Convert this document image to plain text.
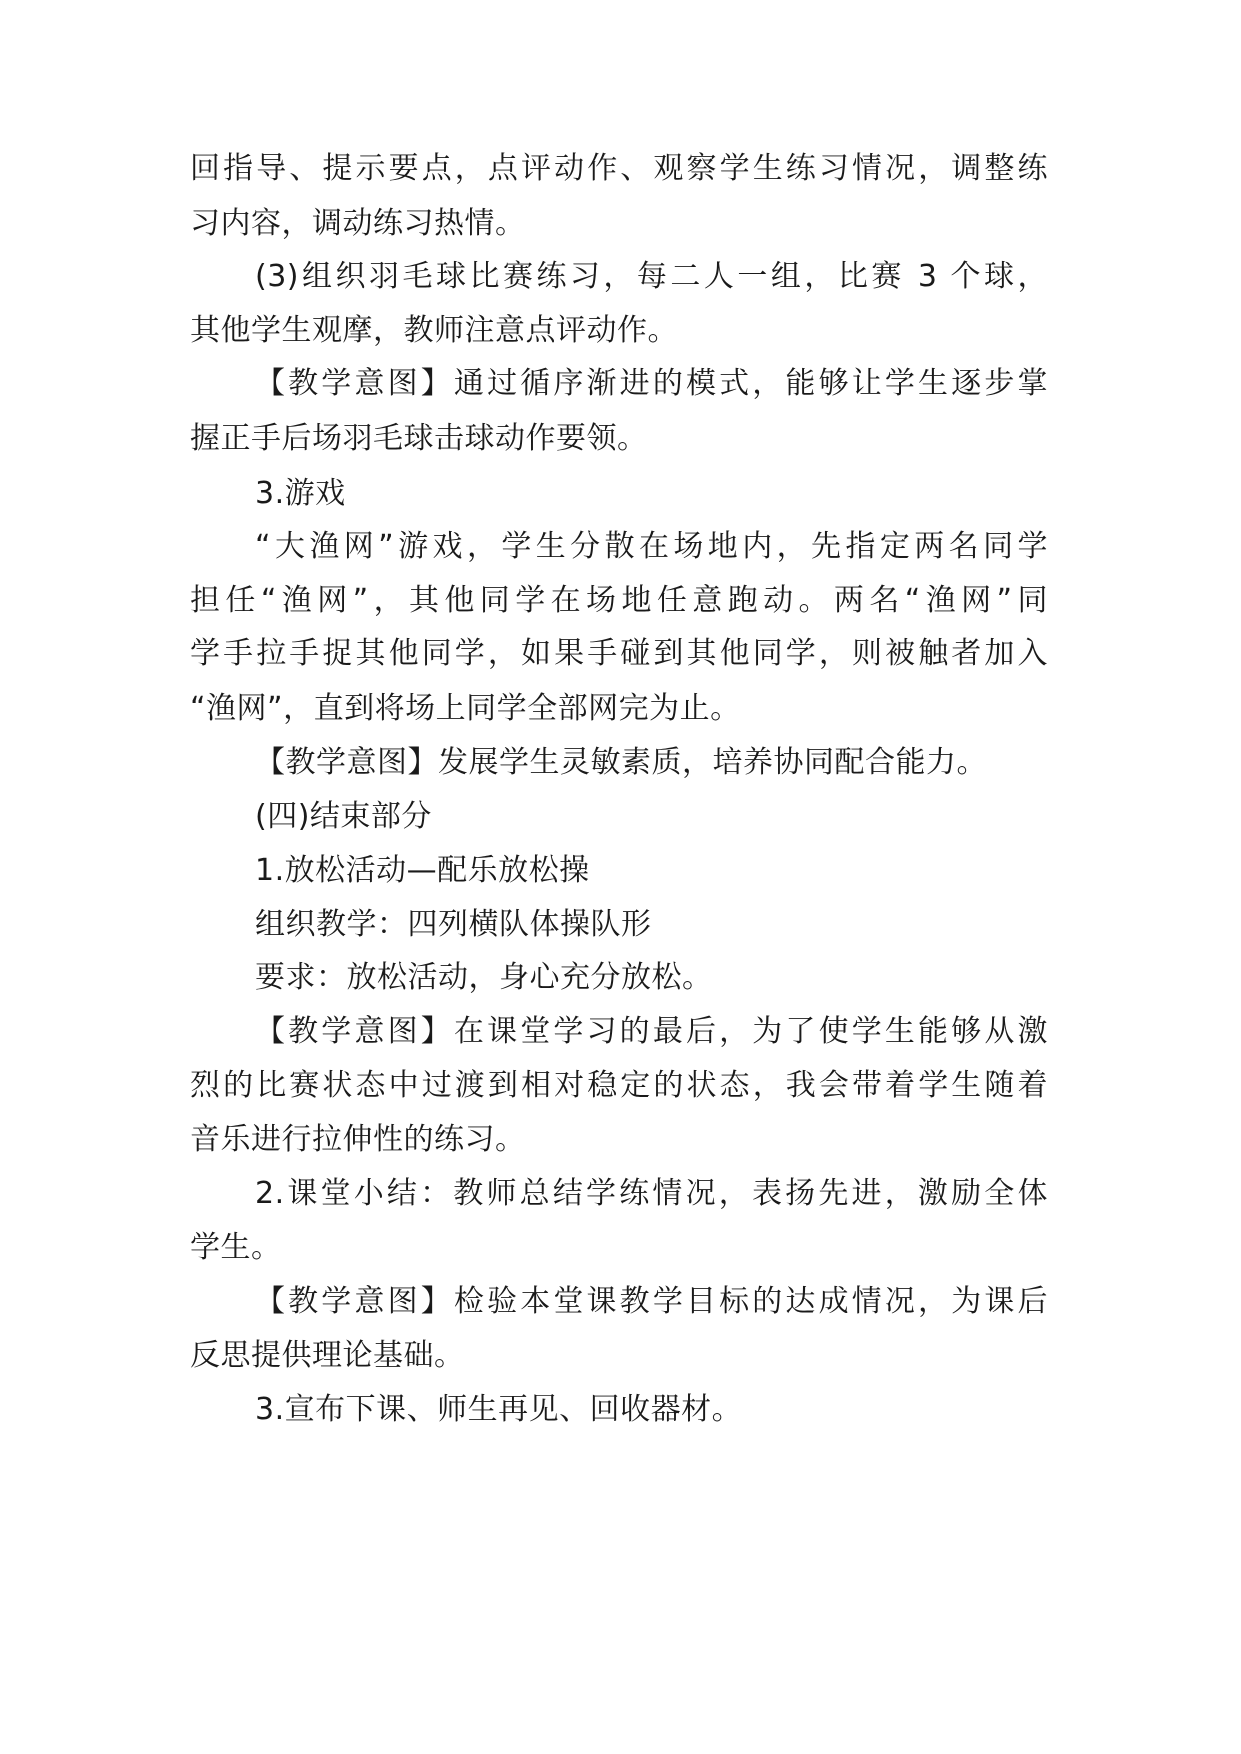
回指导、提示要点，点评动作、观察学生练习情况，调整练
习内容，调动练习热情。
(3)组织羽毛球比赛练习，每二人一组，比赛 3 个球，
其他学生观摩，教师注意点评动作。
【教学意图】通过循序渐进的模式，能够让学生逐步掌
握正手后场羽毛球击球动作要领。
3.游戏
“大渔网”游戏，学生分散在场地内，先指定两名同学
担任“渔网”，其他同学在场地任意跑动。两名“渔网”同
学手拉手捉其他同学，如果手碰到其他同学，则被触者加入
“渔网”，直到将场上同学全部网完为止。
【教学意图】发展学生灵敏素质，培养协同配合能力。
(四)结束部分
1.放松活动—配乐放松操
组织教学：四列横队体操队形
要求：放松活动，身心充分放松。
【教学意图】在课堂学习的最后，为了使学生能够从激
烈的比赛状态中过渡到相对稳定的状态，我会带着学生随着
音乐进行拉伸性的练习。
2.课堂小结：教师总结学练情况，表扬先进，激励全体
学生。
【教学意图】检验本堂课教学目标的达成情况，为课后
反思提供理论基础。
3.宣布下课、师生再见、回收器材。
